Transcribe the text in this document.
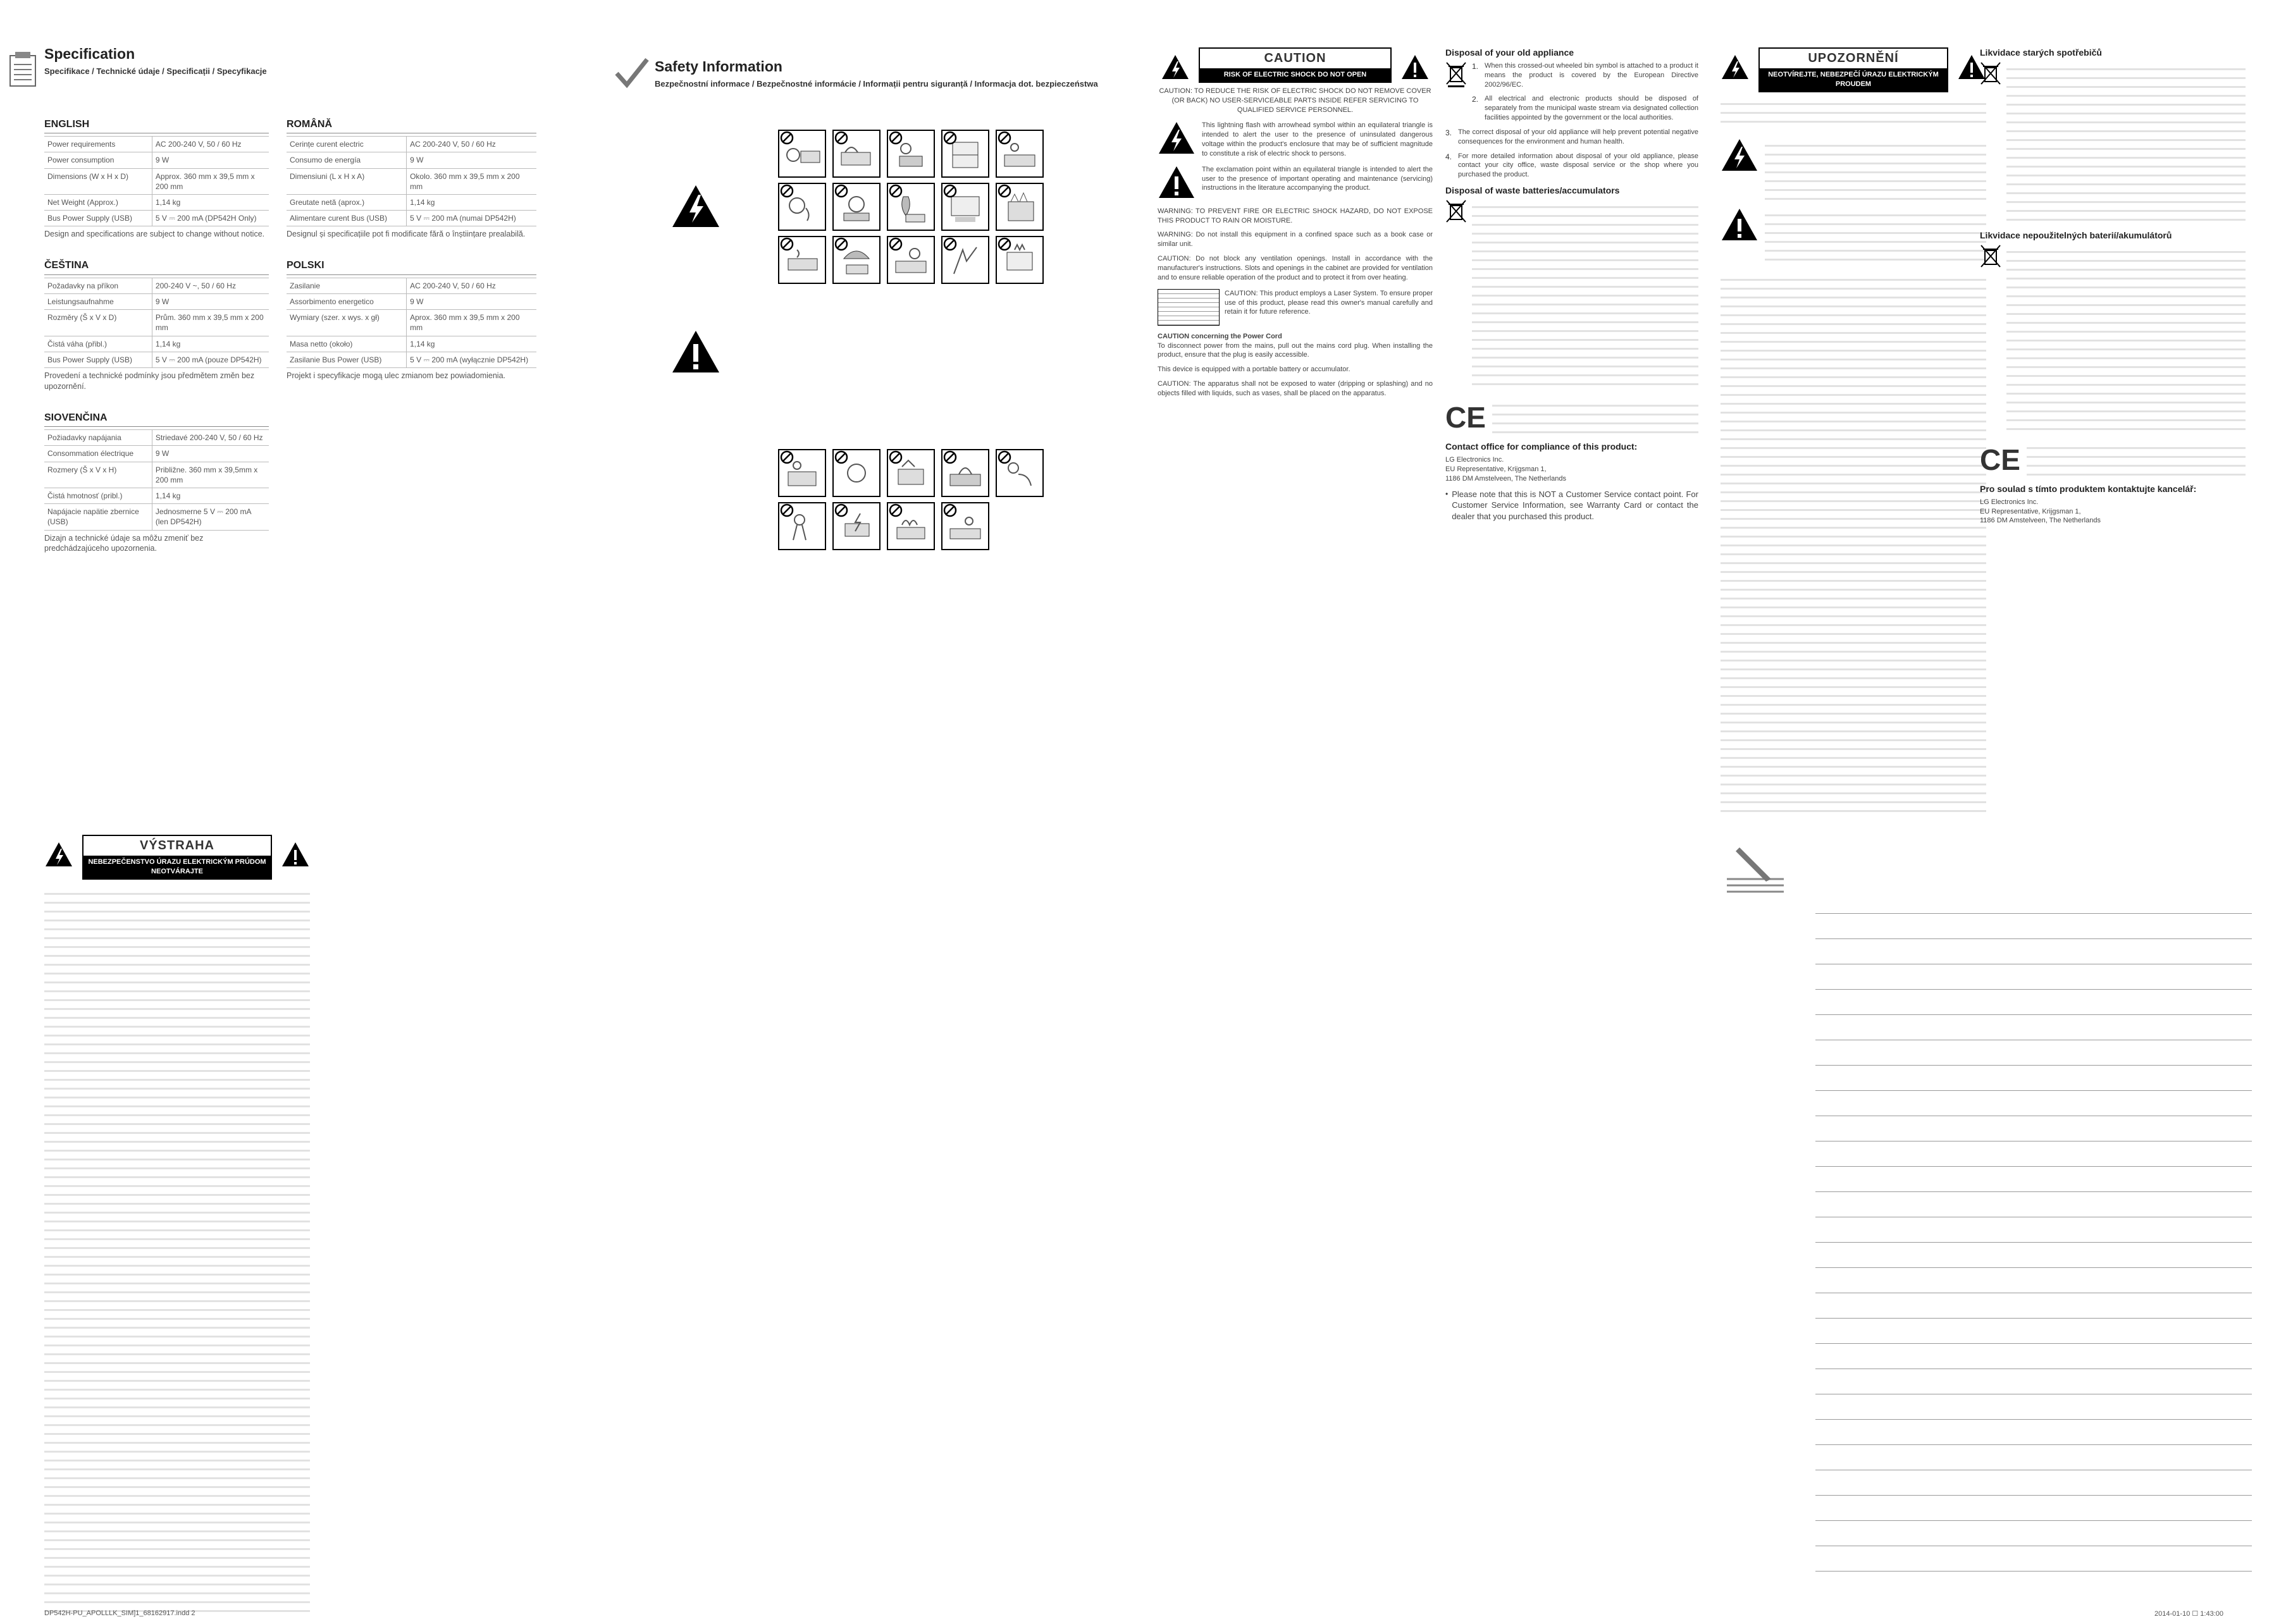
Specification
Specifikace / Technické údaje / Specificații / Specyfikacje
ENGLISH
Power requirements	AC 200-240 V, 50 / 60 Hz
Power consumption	9 W
Dimensions (W x H x D)	Approx. 360 mm x 39,5 mm x 200 mm
Net Weight (Approx.)	1,14 kg
Bus Power Supply (USB)	5 V ⎓ 200 mA (DP542H Only)
Design and specifications are subject to change without notice.
ČEŠTINA
Požadavky na příkon	200-240 V ~, 50 / 60 Hz
Leistungsaufnahme	9 W
Rozměry (Š x V x D)	Prům. 360 mm x 39,5 mm x 200 mm
Čistá váha (přibl.)	1,14 kg
Bus Power Supply (USB)	5 V ⎓ 200 mA (pouze DP542H)
Provedení a technické podmínky jsou předmětem změn bez upozornění.
SIOVENČINA
Požiadavky napájania	Striedavé 200-240 V, 50 / 60 Hz
Consommation électrique	9 W
Rozmery (Š x V x H)	Približne. 360 mm x 39,5mm x 200 mm
Čistá hmotnosť (pribl.)	1,14 kg
Napájacie napätie zbernice (USB)	Jednosmerne 5 V ⎓ 200 mA (len DP542H)
Dizajn a technické údaje sa môžu zmeniť bez predchádzajúceho upozornenia.
ROMÂNĂ
Cerințe curent electric	AC 200-240 V, 50 / 60 Hz
Consumo de energía	9 W
Dimensiuni (L x H x A)	Okolo. 360 mm x 39,5 mm x 200 mm
Greutate netă (aprox.)	1,14 kg
Alimentare curent Bus (USB)	5 V ⎓ 200 mA (numai DP542H)
Designul și specificațiile pot fi modificate fără o înștiințare prealabilă.
POLSKI
Zasilanie	AC 200-240 V, 50 / 60 Hz
Assorbimento energetico	9 W
Wymiary (szer. x wys. x gł)	Aprox. 360 mm x 39,5 mm x 200 mm
Masa netto (około)	1,14 kg
Zasilanie Bus Power (USB)	5 V ⎓ 200 mA (wyłącznie DP542H)
Projekt i specyfikacje mogą ulec zmianom bez powiadomienia.
Safety Information
Bezpečnostní informace / Bezpečnostné informácie / Informații pentru siguranță / Informacja dot. bezpieczeństwa
CAUTION
RISK OF ELECTRIC SHOCK DO NOT OPEN
CAUTION: TO REDUCE THE RISK OF ELECTRIC SHOCK DO NOT REMOVE COVER (OR BACK) NO USER-SERVICEABLE PARTS INSIDE REFER SERVICING TO QUALIFIED SERVICE PERSONNEL.
This lightning flash with arrowhead symbol within an equilateral triangle is intended to alert the user to the presence of uninsulated dangerous voltage within the product's enclosure that may be of sufficient magnitude to constitute a risk of electric shock to persons.
The exclamation point within an equilateral triangle is intended to alert the user to the presence of important operating and maintenance (servicing) instructions in the literature accompanying the product.
WARNING: TO PREVENT FIRE OR ELECTRIC SHOCK HAZARD, DO NOT EXPOSE THIS PRODUCT TO RAIN OR MOISTURE.
WARNING: Do not install this equipment in a confined space such as a book case or similar unit.
CAUTION: Do not block any ventilation openings. Install in accordance with the manufacturer's instructions. Slots and openings in the cabinet are provided for ventilation and to ensure reliable operation of the product and to protect it from over heating.
CAUTION: This product employs a Laser System. To ensure proper use of this product, please read this owner's manual carefully and retain it for future reference.
CAUTION concerning the Power Cord
To disconnect power from the mains, pull out the mains cord plug. When installing the product, ensure that the plug is easily accessible.
This device is equipped with a portable battery or accumulator.
CAUTION: The apparatus shall not be exposed to water (dripping or splashing) and no objects filled with liquids, such as vases, shall be placed on the apparatus.
Disposal of your old appliance
1. When this crossed-out wheeled bin symbol is attached to a product it means the product is covered by the European Directive 2002/96/EC.
2. All electrical and electronic products should be disposed of separately from the municipal waste stream via designated collection facilities appointed by the government or the local authorities.
3. The correct disposal of your old appliance will help prevent potential negative consequences for the environment and human health.
4. For more detailed information about disposal of your old appliance, please contact your city office, waste disposal service or the shop where you purchased the product.
Disposal of waste batteries/accumulators
CE
Contact office for compliance of this product:
LG Electronics Inc.
EU Representative, Krijgsman 1,
1186 DM Amstelveen, The Netherlands
• Please note that this is NOT a Customer Service contact point. For Customer Service Information, see Warranty Card or contact the dealer that you purchased this product.
UPOZORNĚNÍ
NEOTVÍREJTE, NEBEZPEČÍ ÚRAZU ELEKTRICKÝM PROUDEM
Likvidace starých spotřebičů
Likvidace nepoužitelných baterií/akumulátorů
CE
Pro soulad s tímto produktem kontaktujte kancelář:
LG Electronics Inc.
EU Representative, Krijgsman 1,
1186 DM Amstelveen, The Netherlands
VÝSTRAHA
NEBEZPEČENSTVO ÚRAZU ELEKTRICKÝM PRÚDOM NEOTVÁRAJTE
DP542H-PU_APOLLLK_SIM]1_68162917.indd 2	2014-01-10 ☐ 1:43:00
